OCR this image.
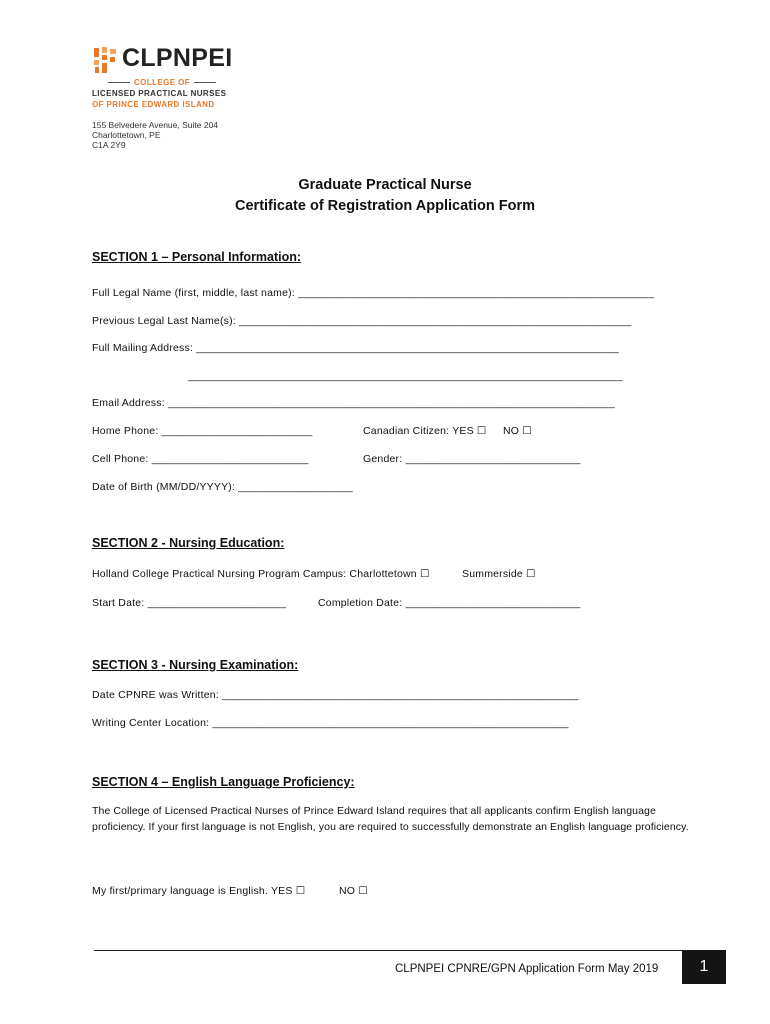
CLPNPEI
COLLEGE OF
LICENSED PRACTICAL NURSES
OF PRINCE EDWARD ISLAND
155 Belvedere Avenue, Suite 204
Charlottetown, PE
C1A 2Y9
Graduate Practical Nurse
Certificate of Registration Application Form
SECTION 1 – Personal Information:
Full Legal Name (first, middle, last name): ___________________________________________________________
Previous Legal Last Name(s): _________________________________________________________________
Full Mailing Address: ______________________________________________________________________
________________________________________________________________________
Email Address: __________________________________________________________________________
Home Phone: _________________________	Canadian Citizen: YES ☐ NO ☐
Cell Phone: __________________________	Gender: _____________________________
Date of Birth (MM/DD/YYYY): ___________________
SECTION 2 - Nursing Education:
Holland College Practical Nursing Program Campus: Charlottetown ☐	Summerside ☐
Start Date: _______________________	Completion Date: _____________________________
SECTION 3 - Nursing Examination:
Date CPNRE was Written: ___________________________________________________________
Writing Center Location: ___________________________________________________________
SECTION 4 – English Language Proficiency:
The College of Licensed Practical Nurses of Prince Edward Island requires that all applicants confirm English language proficiency. If your first language is not English, you are required to successfully demonstrate an English language proficiency.
My first/primary language is English. YES ☐	NO ☐
CLPNPEI CPNRE/GPN Application Form May 2019	1
